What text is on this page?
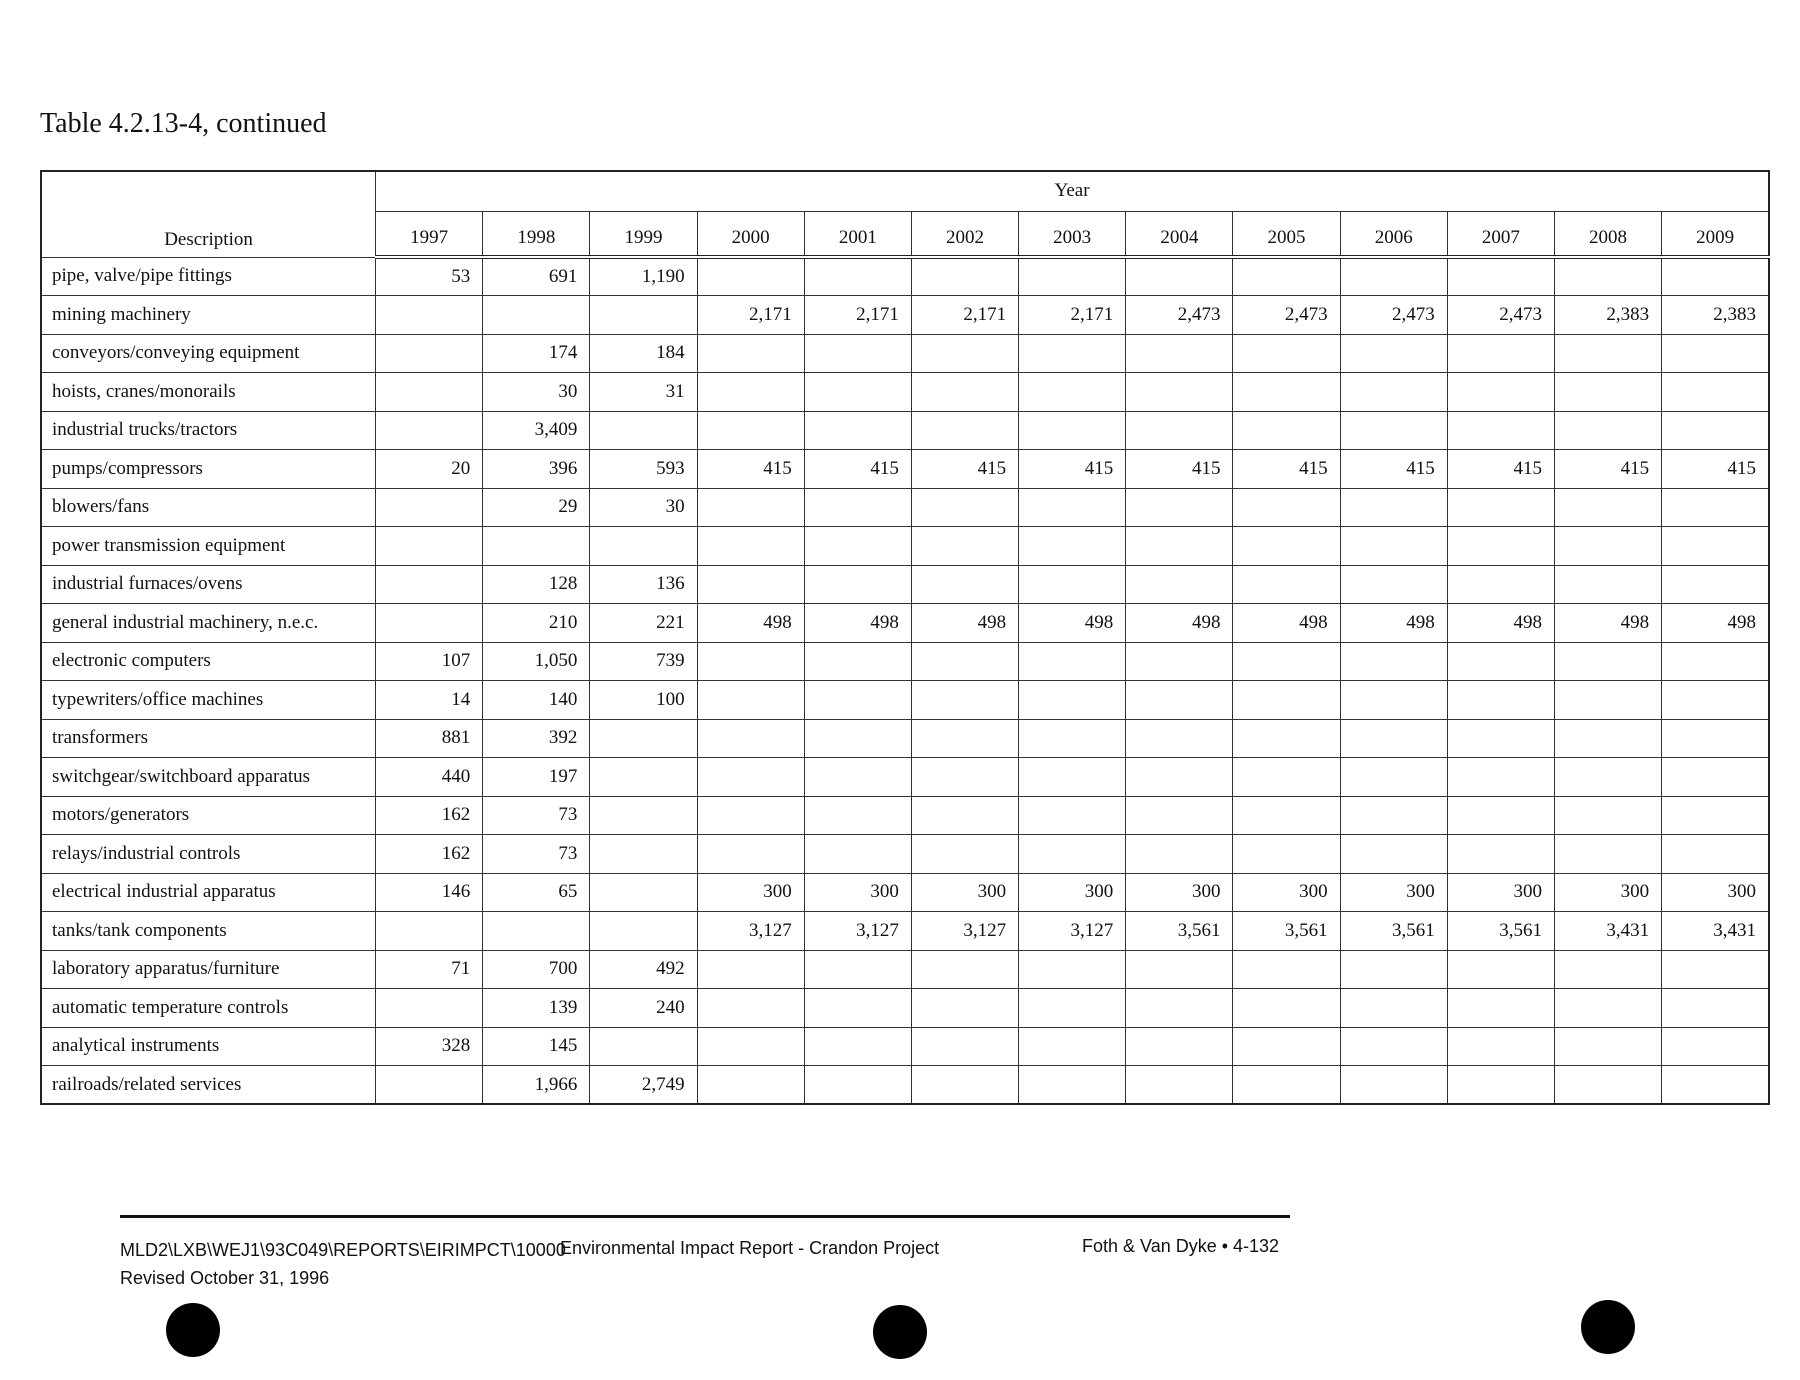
Table 4.2.13-4, continued
Description	Year												
	1997	1998	1999	2000	2001	2002	2003	2004	2005	2006	2007	2008	2009
pipe, valve/pipe fittings	53	691	1,190										
mining machinery				2,171	2,171	2,171	2,171	2,473	2,473	2,473	2,473	2,383	2,383
conveyors/conveying equipment		174	184										
hoists, cranes/monorails		30	31										
industrial trucks/tractors		3,409											
pumps/compressors	20	396	593	415	415	415	415	415	415	415	415	415	415
blowers/fans		29	30										
power transmission equipment													
industrial furnaces/ovens		128	136										
general industrial machinery, n.e.c.		210	221	498	498	498	498	498	498	498	498	498	498
electronic computers	107	1,050	739										
typewriters/office machines	14	140	100										
transformers	881	392											
switchgear/switchboard apparatus	440	197											
motors/generators	162	73											
relays/industrial controls	162	73											
electrical industrial apparatus	146	65		300	300	300	300	300	300	300	300	300	300
tanks/tank components				3,127	3,127	3,127	3,127	3,561	3,561	3,561	3,561	3,431	3,431
laboratory apparatus/furniture	71	700	492										
automatic temperature controls		139	240										
analytical instruments	328	145											
railroads/related services		1,966	2,749										
MLD2\LXB\WEJ1\93C049\REPORTS\EIRIMPCT\10000
Environmental Impact Report - Crandon Project	Foth & Van Dyke • 4-132
Revised October 31, 1996
